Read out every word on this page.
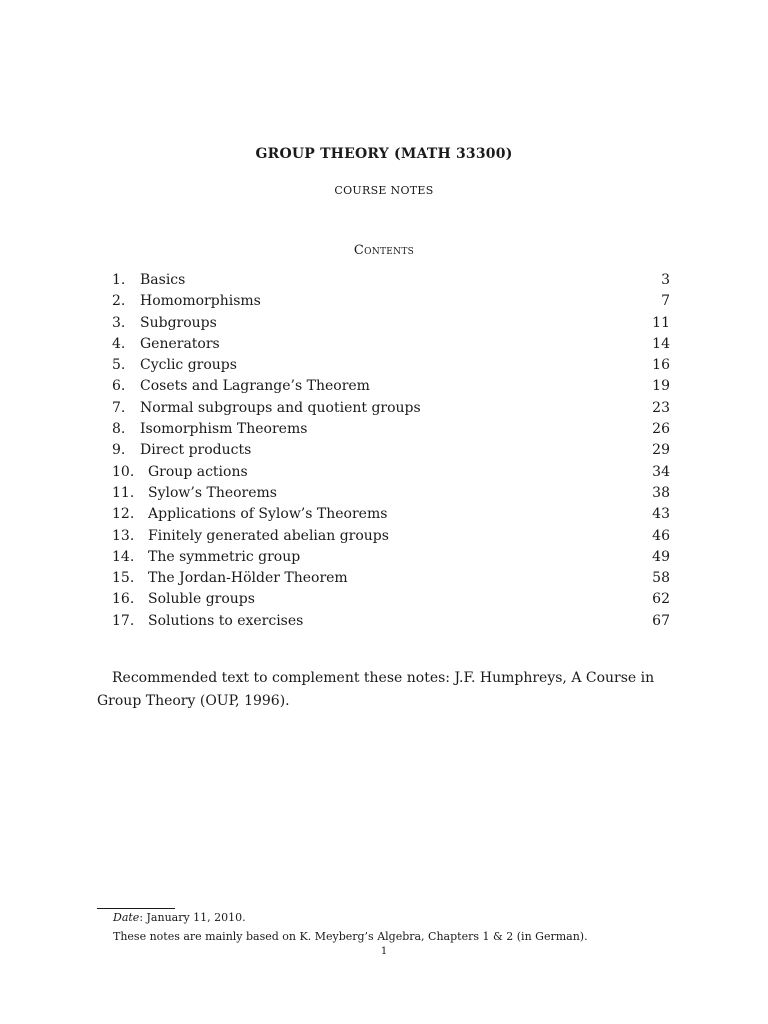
GROUP THEORY (MATH 33300)
COURSE NOTES
Contents
1. Basics	3
2. Homomorphisms	7
3. Subgroups	11
4. Generators	14
5. Cyclic groups	16
6. Cosets and Lagrange’s Theorem	19
7. Normal subgroups and quotient groups	23
8. Isomorphism Theorems	26
9. Direct products	29
10. Group actions	34
11. Sylow’s Theorems	38
12. Applications of Sylow’s Theorems	43
13. Finitely generated abelian groups	46
14. The symmetric group	49
15. The Jordan-Hölder Theorem	58
16. Soluble groups	62
17. Solutions to exercises	67

Recommended text to complement these notes: J.F. Humphreys, A Course in Group Theory (OUP, 1996).

Date: January 11, 2010.
These notes are mainly based on K. Meyberg’s Algebra, Chapters 1 & 2 (in German).
1
